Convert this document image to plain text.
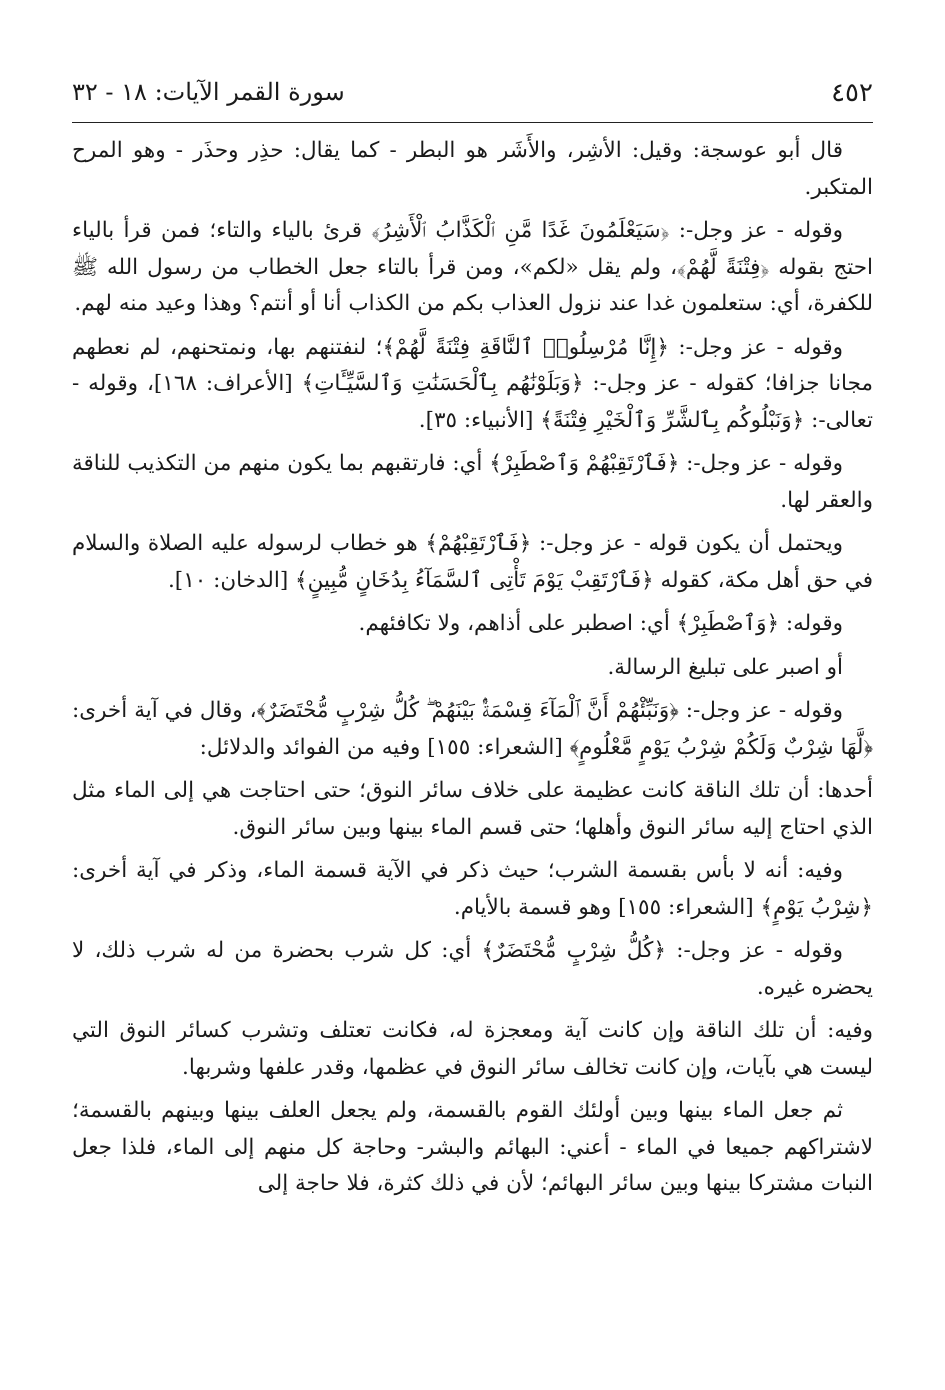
٤٥٢
سورة القمر الآيات: ١٨ - ٣٢

قال أبو عوسجة: وقيل: الأشِر، والأَشَر هو البطر - كما يقال: حذِر وحذَر - وهو المرح المتكبر.

وقوله - عز وجل-: ﴿سَيَعْلَمُونَ غَدًا مَّنِ ٱلْكَذَّابُ ٱلْأَشِرُ﴾ قرئ بالياء والتاء؛ فمن قرأ بالياء احتج بقوله ﴿فِتْنَةً لَّهُمْ﴾، ولم يقل «لكم»، ومن قرأ بالتاء جعل الخطاب من رسول الله ﷺ للكفرة، أي: ستعلمون غدا عند نزول العذاب بكم من الكذاب أنا أو أنتم؟ وهذا وعيد منه لهم.

وقوله - عز وجل-: ﴿إِنَّا مُرْسِلُوا۟ ٱلنَّاقَةِ فِتْنَةً لَّهُمْ﴾؛ لنفتنهم بها، ونمتحنهم، لم نعطهم مجانا جزافا؛ كقوله - عز وجل-: ﴿وَبَلَوْنَٰهُم بِٱلْحَسَنَٰتِ وَٱلسَّيِّـَٔاتِ﴾ [الأعراف: ١٦٨]، وقوله - تعالى-: ﴿وَنَبْلُوكُم بِٱلشَّرِّ وَٱلْخَيْرِ فِتْنَةً﴾ [الأنبياء: ٣٥].

وقوله - عز وجل-: ﴿فَٱرْتَقِبْهُمْ وَٱصْطَبِرْ﴾ أي: فارتقبهم بما يكون منهم من التكذيب للناقة والعقر لها.

ويحتمل أن يكون قوله - عز وجل-: ﴿فَٱرْتَقِبْهُمْ﴾ هو خطاب لرسوله عليه الصلاة والسلام في حق أهل مكة، كقوله ﴿فَٱرْتَقِبْ يَوْمَ تَأْتِى ٱلسَّمَآءُ بِدُخَانٍ مُّبِينٍ﴾ [الدخان: ١٠].

وقوله: ﴿وَٱصْطَبِرْ﴾ أي: اصطبر على أذاهم، ولا تكافئهم.

أو اصبر على تبليغ الرسالة.

وقوله - عز وجل-: ﴿وَنَبِّئْهُمْ أَنَّ ٱلْمَآءَ قِسْمَةٌۢ بَيْنَهُمْ ۖ كُلُّ شِرْبٍ مُّحْتَضَرٌ﴾، وقال في آية أخرى: ﴿لَّهَا شِرْبٌ وَلَكُمْ شِرْبُ يَوْمٍ مَّعْلُومٍ﴾ [الشعراء: ١٥٥] وفيه من الفوائد والدلائل:

أحدها: أن تلك الناقة كانت عظيمة على خلاف سائر النوق؛ حتى احتاجت هي إلى الماء مثل الذي احتاج إليه سائر النوق وأهلها؛ حتى قسم الماء بينها وبين سائر النوق.

وفيه: أنه لا بأس بقسمة الشرب؛ حيث ذكر في الآية قسمة الماء، وذكر في آية أخرى: ﴿شِرْبُ يَوْمٍ﴾ [الشعراء: ١٥٥] وهو قسمة بالأيام.

وقوله - عز وجل-: ﴿كُلُّ شِرْبٍ مُّحْتَضَرٌ﴾ أي: كل شرب بحضرة من له شرب ذلك، لا يحضره غيره.

وفيه: أن تلك الناقة وإن كانت آية ومعجزة له، فكانت تعتلف وتشرب كسائر النوق التي ليست هي بآيات، وإن كانت تخالف سائر النوق في عظمها، وقدر علفها وشربها.

ثم جعل الماء بينها وبين أولئك القوم بالقسمة، ولم يجعل العلف بينها وبينهم بالقسمة؛ لاشتراكهم جميعا في الماء - أعني: البهائم والبشر- وحاجة كل منهم إلى الماء، فلذا جعل النبات مشتركا بينها وبين سائر البهائم؛ لأن في ذلك كثرة، فلا حاجة إلى
